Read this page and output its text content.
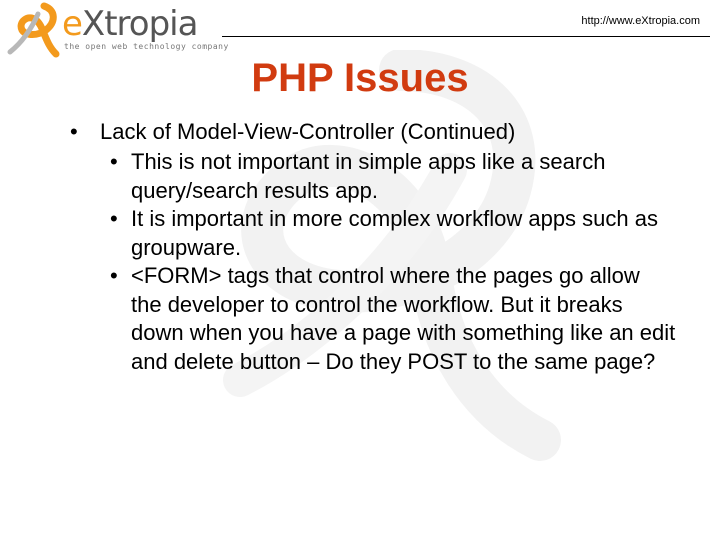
eXtropia
the open web technology company
http://www.eXtropia.com
PHP Issues
• Lack of Model-View-Controller (Continued)
• This is not important in simple apps like a search query/search results app.
• It is important in more complex workflow apps such as groupware.
• <FORM> tags that control where the pages go allow the developer to control the workflow. But it breaks down when you have a page with something like an edit and delete button – Do they POST to the same page?
